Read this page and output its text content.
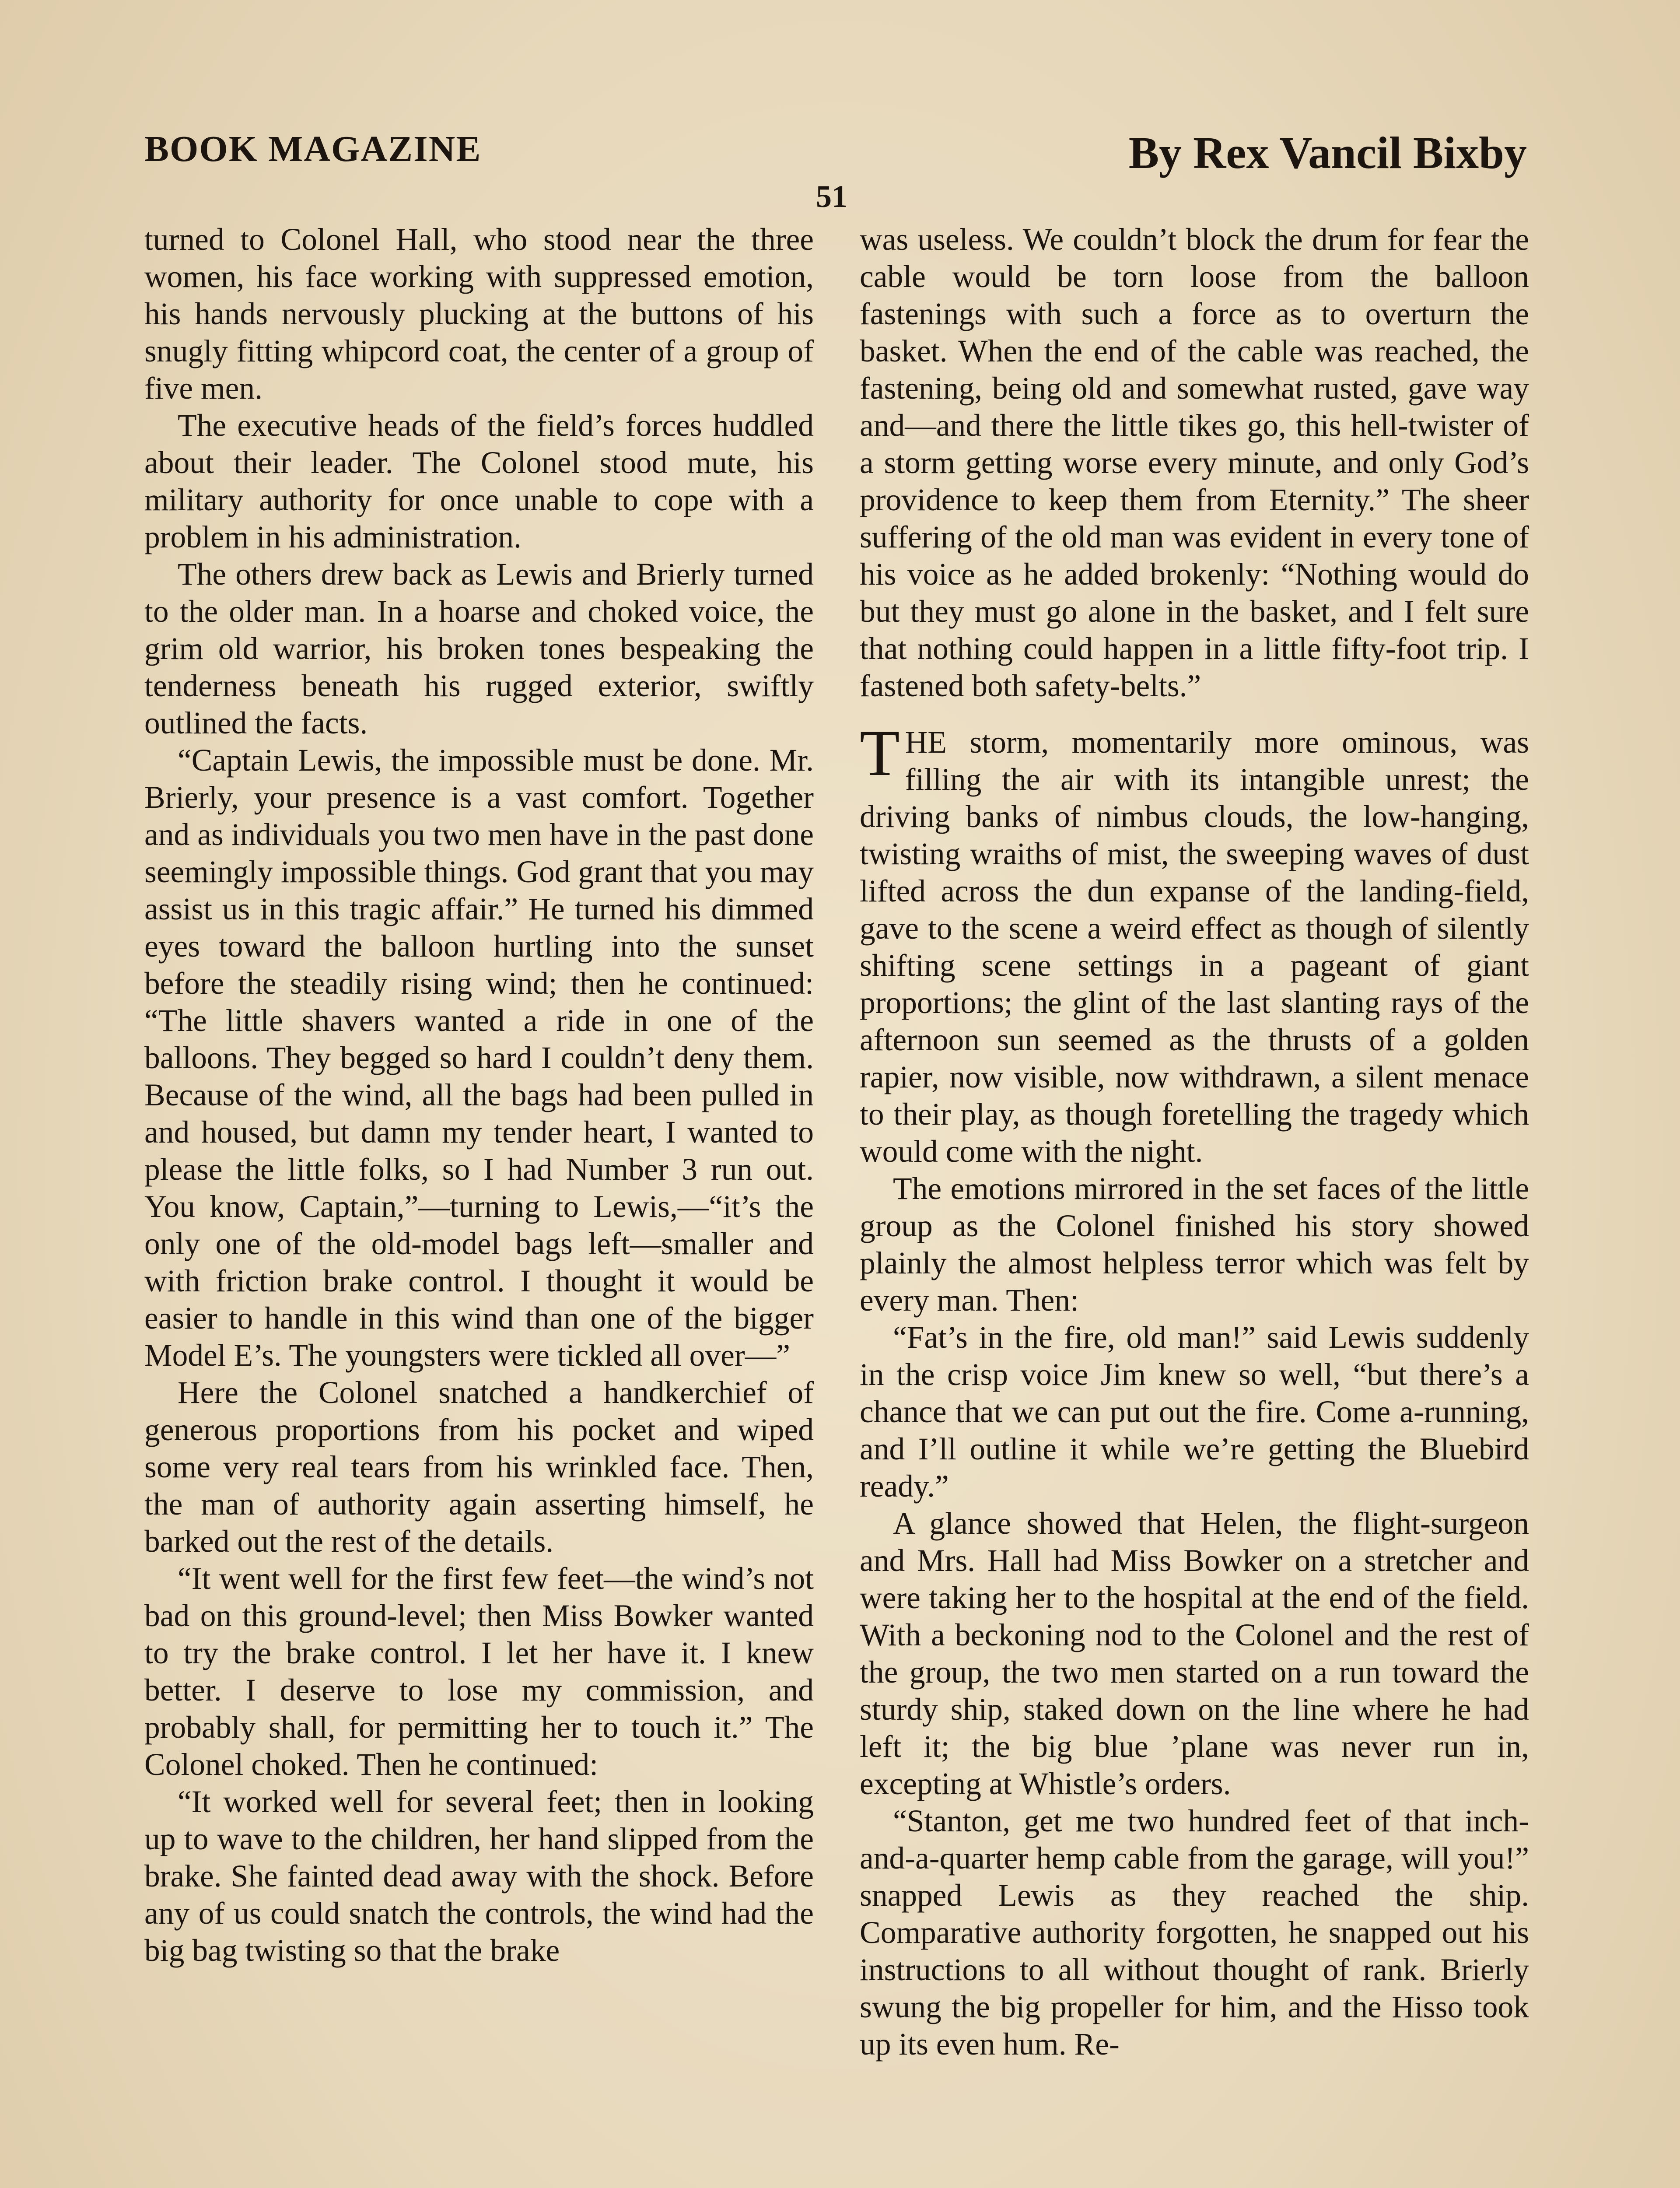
BOOK MAGAZINE	By Rex Vancil Bixby
51

turned to Colonel Hall, who stood near the three women, his face working with suppressed emotion, his hands nervously plucking at the buttons of his snugly fitting whipcord coat, the center of a group of five men.

The executive heads of the field’s forces huddled about their leader. The Colonel stood mute, his military authority for once unable to cope with a problem in his administration.

The others drew back as Lewis and Brierly turned to the older man. In a hoarse and choked voice, the grim old warrior, his broken tones bespeaking the tenderness beneath his rugged exterior, swiftly outlined the facts.

“Captain Lewis, the impossible must be done. Mr. Brierly, your presence is a vast comfort. Together and as individuals you two men have in the past done seemingly impossible things. God grant that you may assist us in this tragic affair.” He turned his dimmed eyes toward the balloon hurtling into the sunset before the steadily rising wind; then he continued: “The little shavers wanted a ride in one of the balloons. They begged so hard I couldn’t deny them. Because of the wind, all the bags had been pulled in and housed, but damn my tender heart, I wanted to please the little folks, so I had Number 3 run out. You know, Captain,”—turning to Lewis,—“it’s the only one of the old-model bags left—smaller and with friction brake control. I thought it would be easier to handle in this wind than one of the bigger Model E’s. The youngsters were tickled all over—”

Here the Colonel snatched a handkerchief of generous proportions from his pocket and wiped some very real tears from his wrinkled face. Then, the man of authority again asserting himself, he barked out the rest of the details.

“It went well for the first few feet—the wind’s not bad on this ground-level; then Miss Bowker wanted to try the brake control. I let her have it. I knew better. I deserve to lose my commission, and probably shall, for permitting her to touch it.” The Colonel choked. Then he continued:

“It worked well for several feet; then in looking up to wave to the children, her hand slipped from the brake. She fainted dead away with the shock. Before any of us could snatch the controls, the wind had the big bag twisting so that the brake

was useless. We couldn’t block the drum for fear the cable would be torn loose from the balloon fastenings with such a force as to overturn the basket. When the end of the cable was reached, the fastening, being old and somewhat rusted, gave way and—and there the little tikes go, this hell-twister of a storm getting worse every minute, and only God’s providence to keep them from Eternity.” The sheer suffering of the old man was evident in every tone of his voice as he added brokenly: “Nothing would do but they must go alone in the basket, and I felt sure that nothing could happen in a little fifty-foot trip. I fastened both safety-belts.”

THE storm, momentarily more ominous, was filling the air with its intangible unrest; the driving banks of nimbus clouds, the low-hanging, twisting wraiths of mist, the sweeping waves of dust lifted across the dun expanse of the landing-field, gave to the scene a weird effect as though of silently shifting scene settings in a pageant of giant proportions; the glint of the last slanting rays of the afternoon sun seemed as the thrusts of a golden rapier, now visible, now withdrawn, a silent menace to their play, as though foretelling the tragedy which would come with the night.

The emotions mirrored in the set faces of the little group as the Colonel finished his story showed plainly the almost helpless terror which was felt by every man. Then:

“Fat’s in the fire, old man!” said Lewis suddenly in the crisp voice Jim knew so well, “but there’s a chance that we can put out the fire. Come a-running, and I’ll outline it while we’re getting the Bluebird ready.”

A glance showed that Helen, the flight-surgeon and Mrs. Hall had Miss Bowker on a stretcher and were taking her to the hospital at the end of the field. With a beckoning nod to the Colonel and the rest of the group, the two men started on a run toward the sturdy ship, staked down on the line where he had left it; the big blue ’plane was never run in, excepting at Whistle’s orders.

“Stanton, get me two hundred feet of that inch-and-a-quarter hemp cable from the garage, will you!” snapped Lewis as they reached the ship. Comparative authority forgotten, he snapped out his instructions to all without thought of rank. Brierly swung the big propeller for him, and the Hisso took up its even hum. Re-
